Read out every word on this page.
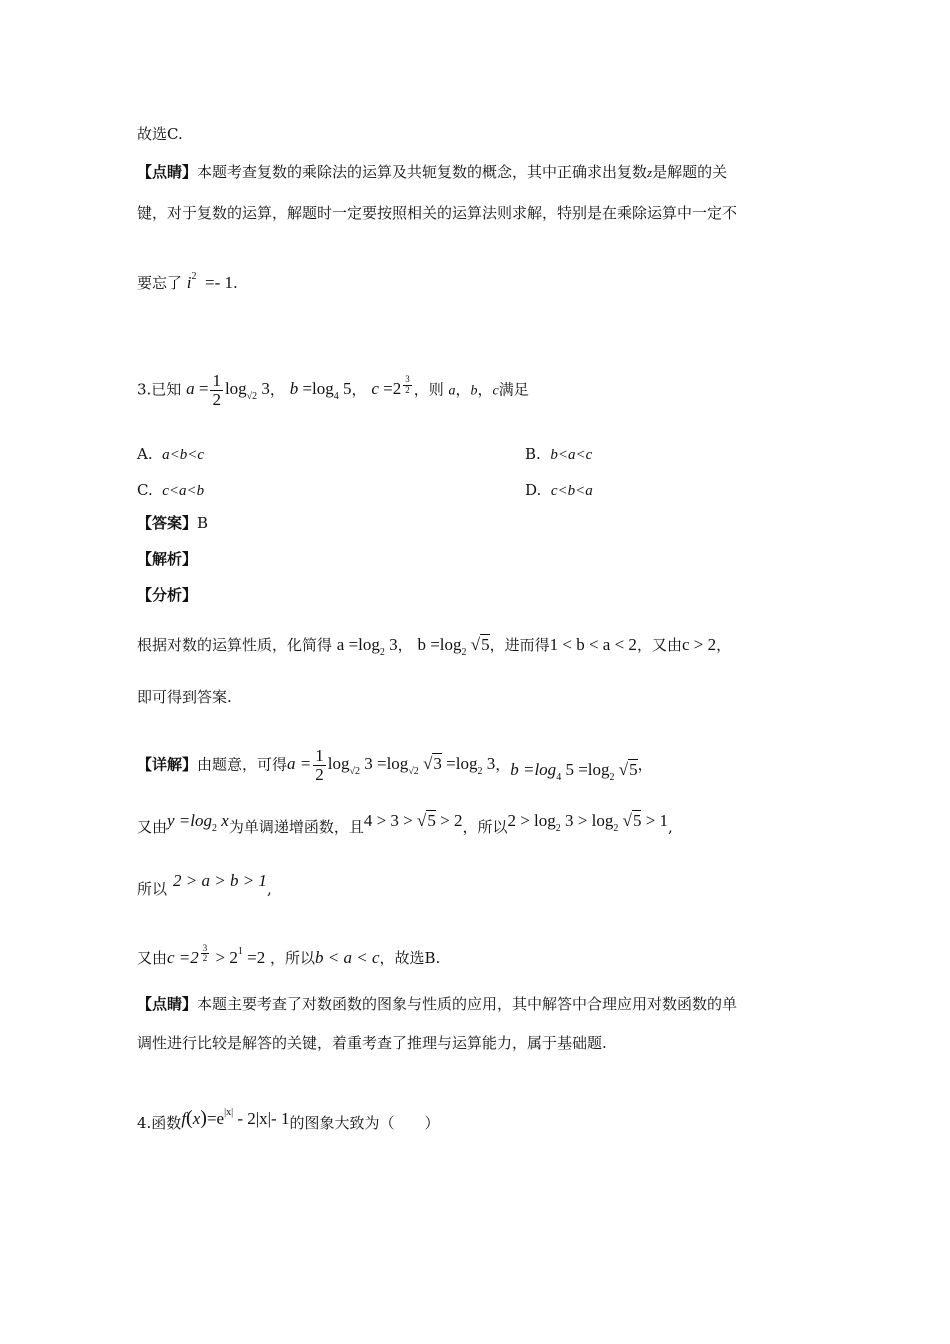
故选C.
【点睛】本题考查复数的乘除法的运算及共轭复数的概念，其中正确求出复数z是解题的关
键，对于复数的运算，解题时一定要按照相关的运算法则求解，特别是在乘除运算中一定不
要忘了 $i^2 =- 1$.
3.已知 $a = \frac{1}{2} \log_{√2} 3$， $b =\log_4$ 5， $c =2 \frac{3}{2}$ ，则 a，b，c满足
A. a<b<c	B. b<a<c
C. c<a<b	D. c<b<a
【答案】B
【解析】
【分析】
根据对数的运算性质，化简得 $a =\log_2$ 3， $b =\log_2$ √5，进而得1 < b < a < 2，又由c > 2，
即可得到答案.
【详解】由题意，可得$a = \frac{1}{2} \log_{√2} 3 =\log_{√2}$ $√3 =\log_2$ 3，$b =\log_4$ $5 =\log_2$ √5，
又由$y =\log_2$ x为单调递增函数，且4 > 3 > √5 > 2，所以$2 > \log_2 3 > \log_2 √5 > 1$,
所以 2 > a > b > 1,
又由$c =2 \frac{3}{2} > 2^1 =2$ ，所以b < a < c，故选B.
【点睛】本题主要考查了对数函数的图象与性质的应用，其中解答中合理应用对数函数的单
调性进行比较是解答的关键，着重考查了推理与运算能力，属于基础题.
4.函数$f(x)=e^{|x|} - 2|x|-$ 1的图象大致为（　　）
